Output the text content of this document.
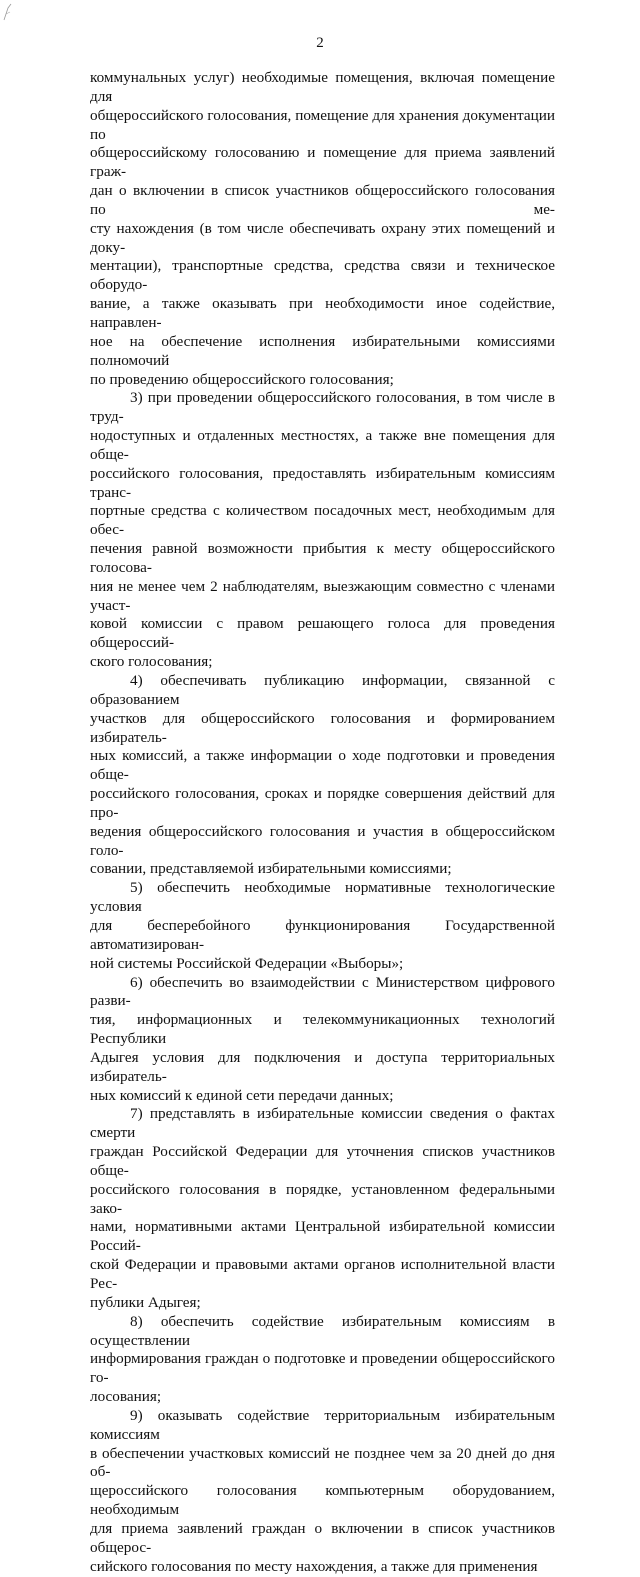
2
коммунальных услуг) необходимые помещения, включая помещение для
общероссийского голосования, помещение для хранения документации по
общероссийскому голосованию и помещение для приема заявлений граж-
дан о включении в список участников общероссийского голосования по ме-
сту нахождения (в том числе обеспечивать охрану этих помещений и доку-
ментации), транспортные средства, средства связи и техническое оборудо-
вание, а также оказывать при необходимости иное содействие, направлен-
ное на обеспечение исполнения избирательными комиссиями полномочий
по проведению общероссийского голосования;
3) при проведении общероссийского голосования, в том числе в труд-
нодоступных и отдаленных местностях, а также вне помещения для обще-
российского голосования, предоставлять избирательным комиссиям транс-
портные средства с количеством посадочных мест, необходимым для обес-
печения равной возможности прибытия к месту общероссийского голосова-
ния не менее чем 2 наблюдателям, выезжающим совместно с членами участ-
ковой комиссии с правом решающего голоса для проведения общероссий-
ского голосования;
4) обеспечивать публикацию информации, связанной с образованием
участков для общероссийского голосования и формированием избиратель-
ных комиссий, а также информации о ходе подготовки и проведения обще-
российского голосования, сроках и порядке совершения действий для про-
ведения общероссийского голосования и участия в общероссийском голо-
совании, представляемой избирательными комиссиями;
5) обеспечить необходимые нормативные технологические условия
для бесперебойного функционирования Государственной автоматизирован-
ной системы Российской Федерации «Выборы»;
6) обеспечить во взаимодействии с Министерством цифрового разви-
тия, информационных и телекоммуникационных технологий Республики
Адыгея условия для подключения и доступа территориальных избиратель-
ных комиссий к единой сети передачи данных;
7) представлять в избирательные комиссии сведения о фактах смерти
граждан Российской Федерации для уточнения списков участников обще-
российского голосования в порядке, установленном федеральными зако-
нами, нормативными актами Центральной избирательной комиссии Россий-
ской Федерации и правовыми актами органов исполнительной власти Рес-
публики Адыгея;
8) обеспечить содействие избирательным комиссиям в осуществлении
информирования граждан о подготовке и проведении общероссийского го-
лосования;
9) оказывать содействие территориальным избирательным комиссиям
в обеспечении участковых комиссий не позднее чем за 20 дней до дня об-
щероссийского голосования компьютерным оборудованием, необходимым
для приема заявлений граждан о включении в список участников общерос-
сийского голосования по месту нахождения, а также для применения
